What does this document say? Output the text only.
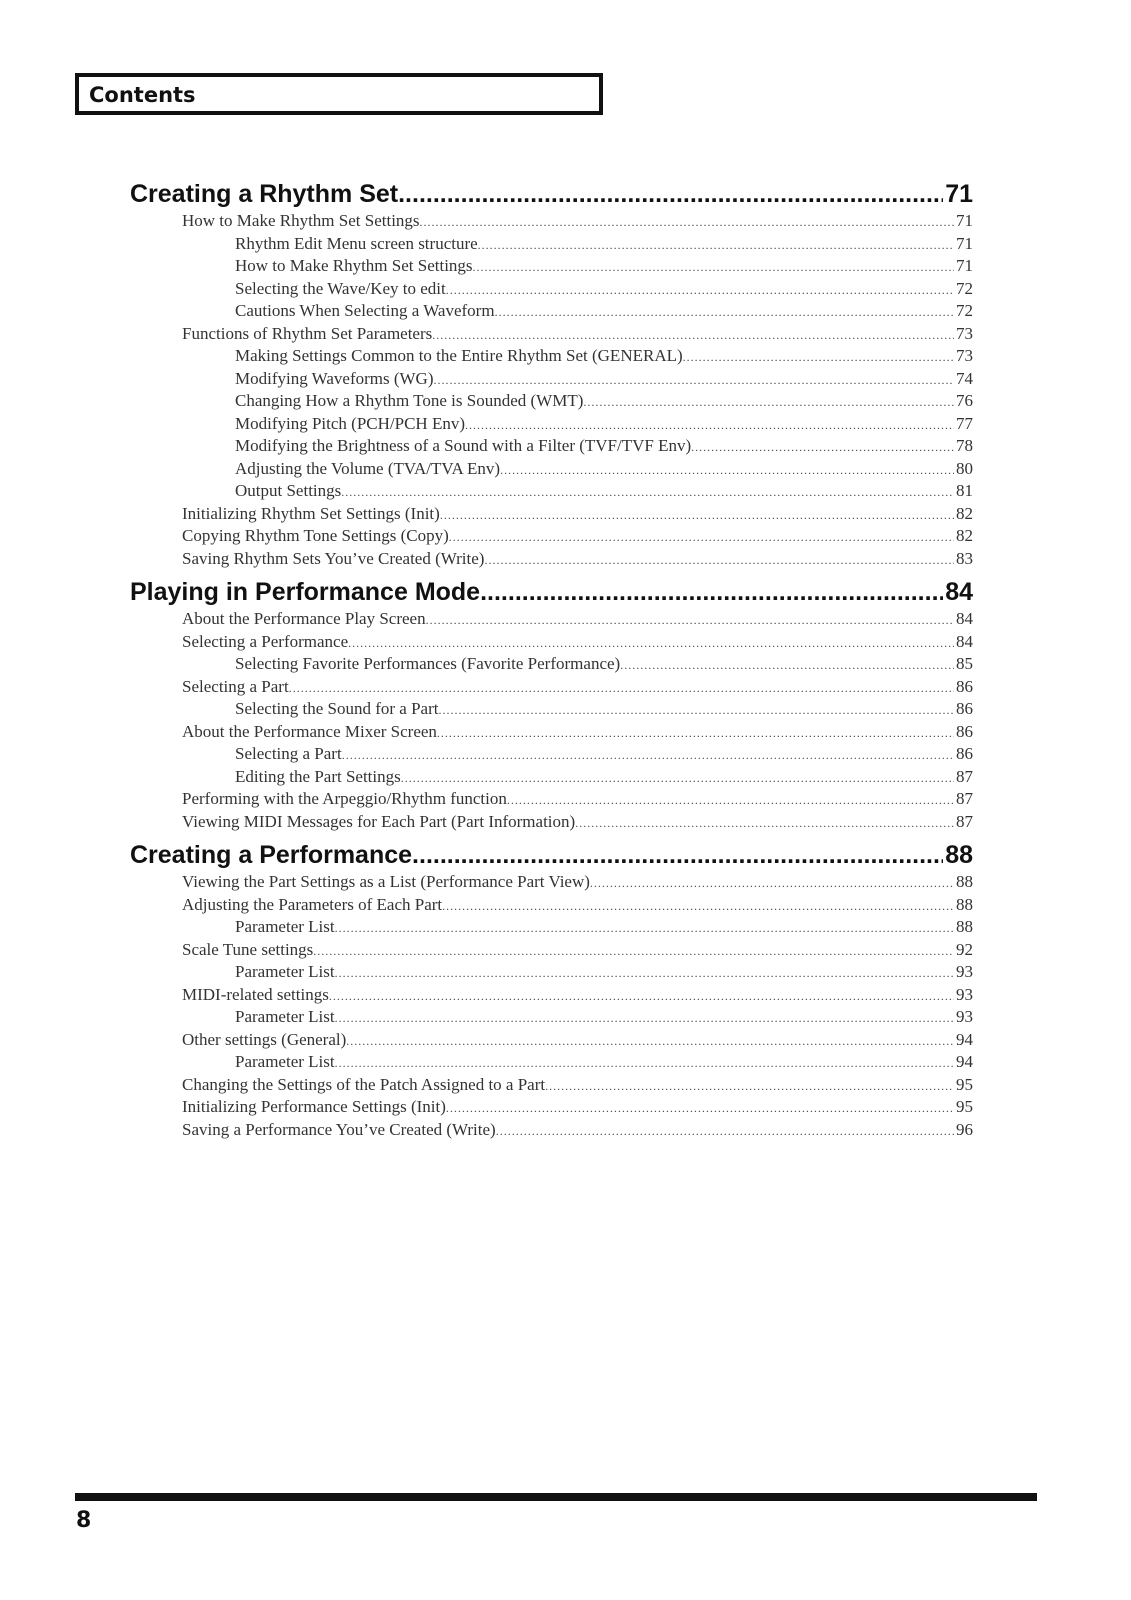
Contents
Creating a Rhythm Set .....	71
How to Make Rhythm Set Settings .....	71
Rhythm Edit Menu screen structure .....	71
How to Make Rhythm Set Settings .....	71
Selecting the Wave/Key to edit .....	72
Cautions When Selecting a Waveform .....	72
Functions of Rhythm Set Parameters .....	73
Making Settings Common to the Entire Rhythm Set (GENERAL) .....	73
Modifying Waveforms (WG) .....	74
Changing How a Rhythm Tone is Sounded (WMT) .....	76
Modifying Pitch (PCH/PCH Env) .....	77
Modifying the Brightness of a Sound with a Filter (TVF/TVF Env) .....	78
Adjusting the Volume (TVA/TVA Env) .....	80
Output Settings .....	81
Initializing Rhythm Set Settings (Init) .....	82
Copying Rhythm Tone Settings (Copy) .....	82
Saving Rhythm Sets You’ve Created (Write) .....	83
Playing in Performance Mode .....	84
About the Performance Play Screen .....	84
Selecting a Performance .....	84
Selecting Favorite Performances (Favorite Performance) .....	85
Selecting a Part .....	86
Selecting the Sound for a Part .....	86
About the Performance Mixer Screen .....	86
Selecting a Part .....	86
Editing the Part Settings .....	87
Performing with the Arpeggio/Rhythm function .....	87
Viewing MIDI Messages for Each Part (Part Information) .....	87
Creating a Performance .....	88
Viewing the Part Settings as a List (Performance Part View) .....	88
Adjusting the Parameters of Each Part .....	88
Parameter List .....	88
Scale Tune settings .....	92
Parameter List .....	93
MIDI-related settings .....	93
Parameter List .....	93
Other settings (General) .....	94
Parameter List .....	94
Changing the Settings of the Patch Assigned to a Part .....	95
Initializing Performance Settings (Init) .....	95
Saving a Performance You’ve Created (Write) .....	96
8
